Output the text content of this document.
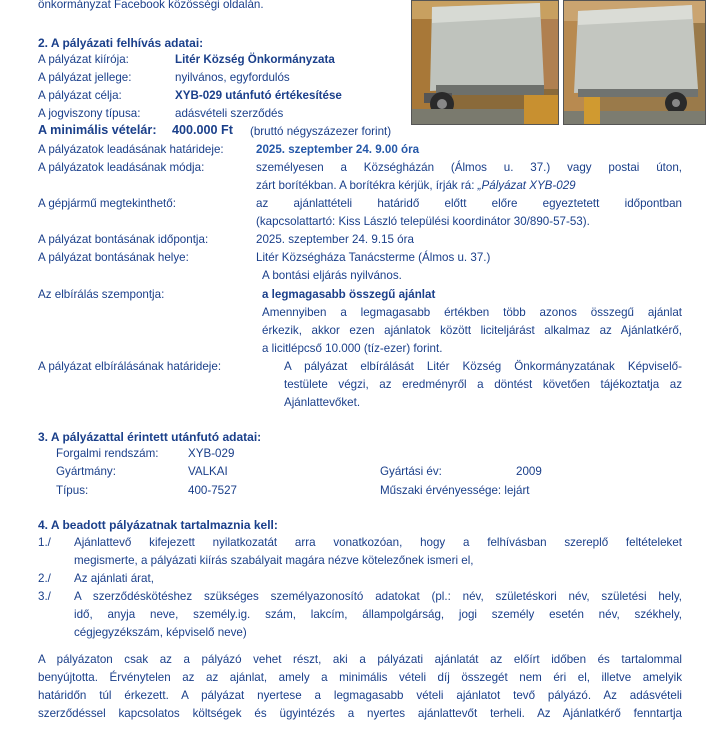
önkormányzat Facebook közösségi oldalán.
2. A pályázati felhívás adatai:
A pályázat kiírója:	Litér Község Önkormányzata
A pályázat jellege:	nyilvános, egyfordulós
A pályázat célja:	XYB-029 utánfutó értékesítése
A jogviszony típusa:	adásvételi szerződés
A minimális vételár: 400.000 Ft (bruttó négyszázezer forint)
A pályázatok leadásának határideje:	2025. szeptember 24. 9.00 óra
A pályázatok leadásának módja:	személyesen a Községházán (Álmos u. 37.) vagy postai úton,
zárt borítékban. A borítékra kérjük, írják rá: „Pályázat XYB-029
A gépjármű megtekinthető:	az ajánlattételi határidő előtt előre egyeztetett időpontban
(kapcsolattartó: Kiss László települési koordinátor 30/890-57-53).
A pályázat bontásának időpontja:	2025. szeptember 24. 9.15 óra
A pályázat bontásának helye:	Litér Községháza Tanácsterme (Álmos u. 37.)
A bontási eljárás nyilvános.
Az elbírálás szempontja:	a legmagasabb összegű ajánlat
Amennyiben a legmagasabb értékben több azonos összegű ajánlat
érkezik, akkor ezen ajánlatok között liciteljárást alkalmaz az Ajánlatkérő,
a licitlépcső 10.000 (tíz-ezer) forint.
A pályázat elbírálásának határideje:	A pályázat elbírálását Litér Község Önkormányzatának Képviselő-
testülete végzi, az eredményről a döntést követően tájékoztatja az
Ajánlattevőket.
3. A pályázattal érintett utánfutó adatai:
Forgalmi rendszám:	XYB-029
Gyártmány:	VALKAI	Gyártási év:	2009
Típus:	400-7527	Műszaki érvényessége: lejárt
4. A beadott pályázatnak tartalmaznia kell:
1./ Ajánlattevő kifejezett nyilatkozatát arra vonatkozóan, hogy a felhívásban szereplő feltételeket
megismerte, a pályázati kiírás szabályait magára nézve kötelezőnek ismeri el,
2./ Az ajánlati árat,
3./ A szerződéskötéshez szükséges személyazonosító adatokat (pl.: név, születéskori név, születési hely,
idő, anyja neve, személy.ig. szám, lakcím, állampolgárság, jogi személy esetén név, székhely,
cégjegyzékszám, képviselő neve)
A pályázaton csak az a pályázó vehet részt, aki a pályázati ajánlatát az előírt időben és tartalommal
benyújtotta. Érvénytelen az az ajánlat, amely a minimális vételi díj összegét nem éri el, illetve amelyik
határidőn túl érkezett. A pályázat nyertese a legmagasabb vételi ajánlatot tevő pályázó. Az adásvételi
szerződéssel kapcsolatos költségek és ügyintézés a nyertes ajánlattevőt terheli. Az Ajánlatkérő fenntartja
